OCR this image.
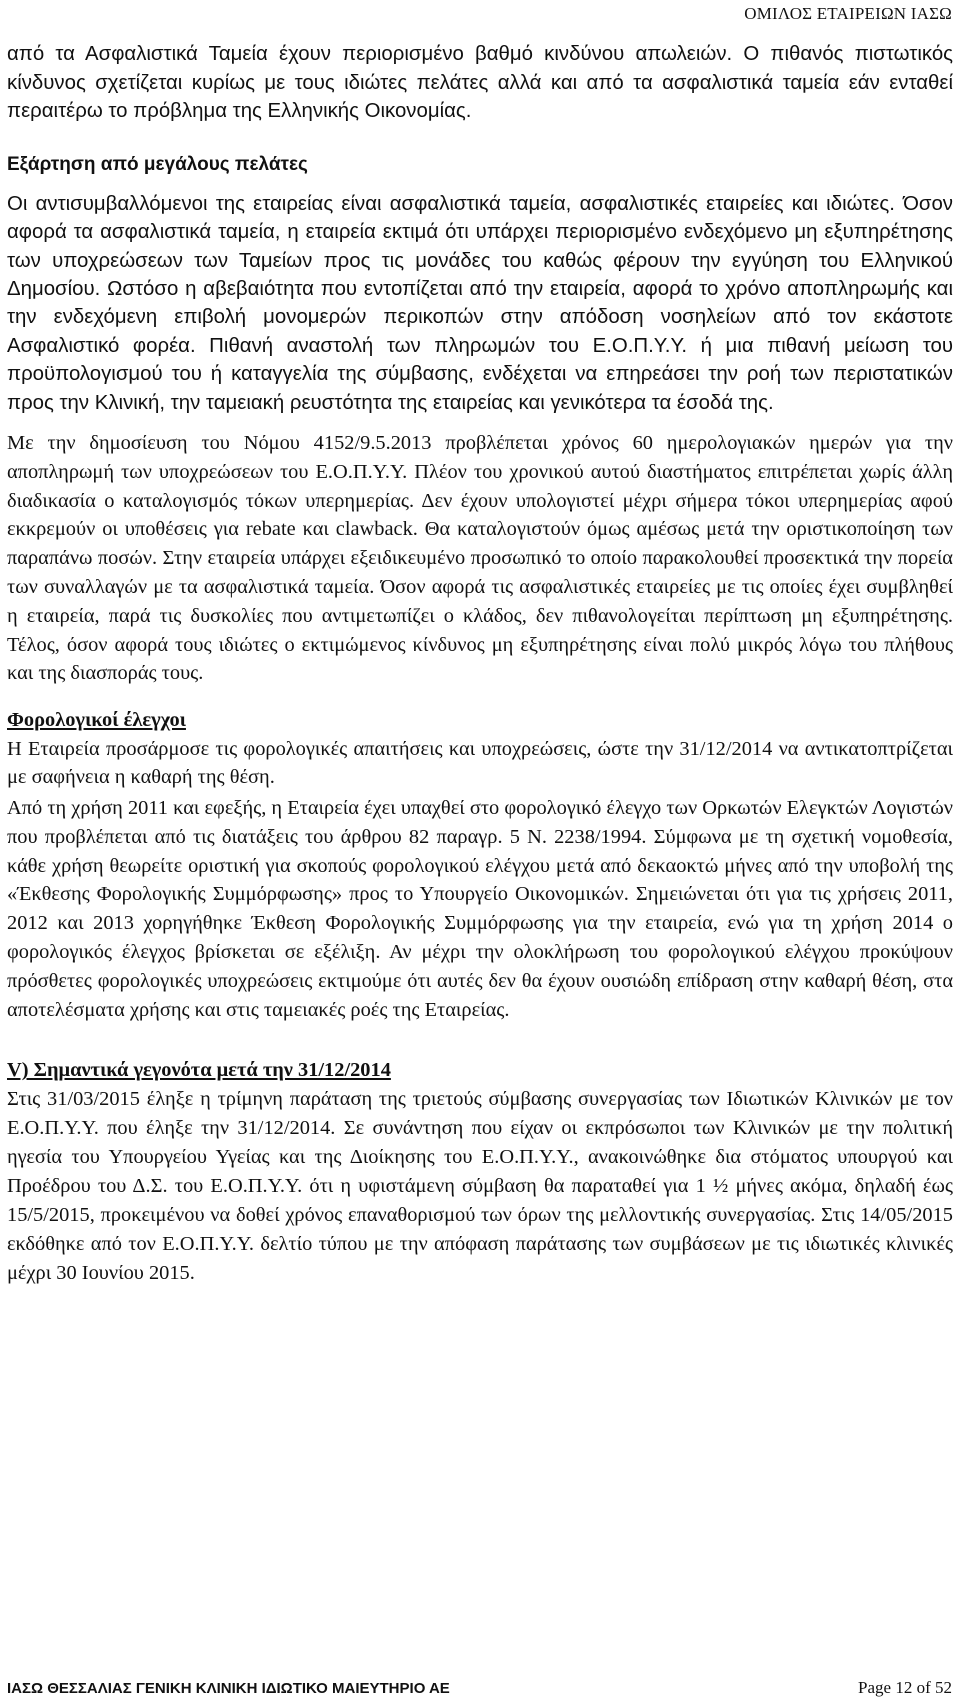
ΟΜΙΛΟΣ ΕΤΑΙΡΕΙΩΝ ΙΑΣΩ

από τα Ασφαλιστικά Ταμεία έχουν περιορισμένο βαθμό κινδύνου απωλειών. Ο πιθανός πιστωτικός κίνδυνος σχετίζεται κυρίως με τους ιδιώτες πελάτες αλλά και από τα ασφαλιστικά ταμεία εάν ενταθεί περαιτέρω το πρόβλημα της Ελληνικής Οικονομίας.

Εξάρτηση από μεγάλους πελάτες

Οι αντισυμβαλλόμενοι της εταιρείας είναι ασφαλιστικά ταμεία, ασφαλιστικές εταιρείες και ιδιώτες. Όσον αφορά τα ασφαλιστικά ταμεία, η εταιρεία εκτιμά ότι υπάρχει περιορισμένο ενδεχόμενο μη εξυπηρέτησης των υποχρεώσεων των Ταμείων προς τις μονάδες του καθώς φέρουν την εγγύηση του Ελληνικού Δημοσίου. Ωστόσο η αβεβαιότητα που εντοπίζεται από την εταιρεία, αφορά το χρόνο αποπληρωμής και την ενδεχόμενη επιβολή μονομερών περικοπών στην απόδοση νοσηλείων από τον εκάστοτε Ασφαλιστικό φορέα. Πιθανή αναστολή των πληρωμών του Ε.Ο.Π.Υ.Υ. ή μια πιθανή μείωση του προϋπολογισμού του ή καταγγελία της σύμβασης, ενδέχεται να επηρεάσει την ροή των περιστατικών προς την Κλινική, την ταμειακή ρευστότητα της εταιρείας και γενικότερα τα έσοδά της.

Με την δημοσίευση του Νόμου 4152/9.5.2013 προβλέπεται χρόνος 60 ημερολογιακών ημερών για την αποπληρωμή των υποχρεώσεων του Ε.Ο.Π.Υ.Υ. Πλέον του χρονικού αυτού διαστήματος επιτρέπεται χωρίς άλλη διαδικασία ο καταλογισμός τόκων υπερημερίας. Δεν έχουν υπολογιστεί μέχρι σήμερα τόκοι υπερημερίας αφού εκκρεμούν οι υποθέσεις για rebate και clawback. Θα καταλογιστούν όμως αμέσως μετά την οριστικοποίηση των παραπάνω ποσών. Στην εταιρεία υπάρχει εξειδικευμένο προσωπικό το οποίο παρακολουθεί προσεκτικά την πορεία των συναλλαγών με τα ασφαλιστικά ταμεία. Όσον αφορά τις ασφαλιστικές εταιρείες με τις οποίες έχει συμβληθεί η εταιρεία, παρά τις δυσκολίες που αντιμετωπίζει ο κλάδος, δεν πιθανολογείται περίπτωση μη εξυπηρέτησης. Τέλος, όσον αφορά τους ιδιώτες ο εκτιμώμενος κίνδυνος μη εξυπηρέτησης είναι πολύ μικρός λόγω του πλήθους και της διασποράς τους.

Φορολογικοί έλεγχοι

Η Εταιρεία προσάρμοσε τις φορολογικές απαιτήσεις και υποχρεώσεις, ώστε την 31/12/2014 να αντικατοπτρίζεται με σαφήνεια η καθαρή της θέση.

Από τη χρήση 2011 και εφεξής, η Εταιρεία έχει υπαχθεί στο φορολογικό έλεγχο των Ορκωτών Ελεγκτών Λογιστών που προβλέπεται από τις διατάξεις του άρθρου 82 παραγρ. 5 Ν. 2238/1994. Σύμφωνα με τη σχετική νομοθεσία, κάθε χρήση θεωρείτε οριστική για σκοπούς φορολογικού ελέγχου μετά από δεκαοκτώ μήνες από την υποβολή της «Έκθεσης Φορολογικής Συμμόρφωσης» προς το Υπουργείο Οικονομικών. Σημειώνεται ότι για τις χρήσεις 2011, 2012 και 2013 χορηγήθηκε Έκθεση Φορολογικής Συμμόρφωσης για την εταιρεία, ενώ για τη χρήση 2014 ο φορολογικός έλεγχος βρίσκεται σε εξέλιξη. Αν μέχρι την ολοκλήρωση του φορολογικού ελέγχου προκύψουν πρόσθετες φορολογικές υποχρεώσεις εκτιμούμε ότι αυτές δεν θα έχουν ουσιώδη επίδραση στην καθαρή θέση, στα αποτελέσματα χρήσης και στις ταμειακές ροές της Εταιρείας.

V) Σημαντικά γεγονότα μετά την 31/12/2014

Στις 31/03/2015 έληξε η τρίμηνη παράταση της τριετούς σύμβασης συνεργασίας των Ιδιωτικών Κλινικών με τον Ε.Ο.Π.Υ.Υ. που έληξε την 31/12/2014. Σε συνάντηση που είχαν οι εκπρόσωποι των Κλινικών με την πολιτική ηγεσία του Υπουργείου Υγείας και της Διοίκησης του Ε.Ο.Π.Υ.Υ., ανακοινώθηκε δια στόματος υπουργού και Προέδρου του Δ.Σ. του Ε.Ο.Π.Υ.Υ. ότι η υφιστάμενη σύμβαση θα παραταθεί για 1 ½ μήνες ακόμα, δηλαδή έως 15/5/2015, προκειμένου να δοθεί χρόνος επαναθορισμού των όρων της μελλοντικής συνεργασίας. Στις 14/05/2015 εκδόθηκε από τον Ε.Ο.Π.Υ.Υ. δελτίο τύπου με την απόφαση παράτασης των συμβάσεων με τις ιδιωτικές κλινικές μέχρι 30 Ιουνίου 2015.

ΙΑΣΩ ΘΕΣΣΑΛΙΑΣ ΓΕΝΙΚΗ ΚΛΙΝΙΚΗ ΙΔΙΩΤΙΚΟ ΜΑΙΕΥΤΗΡΙΟ ΑΕ	Page 12 of 52
